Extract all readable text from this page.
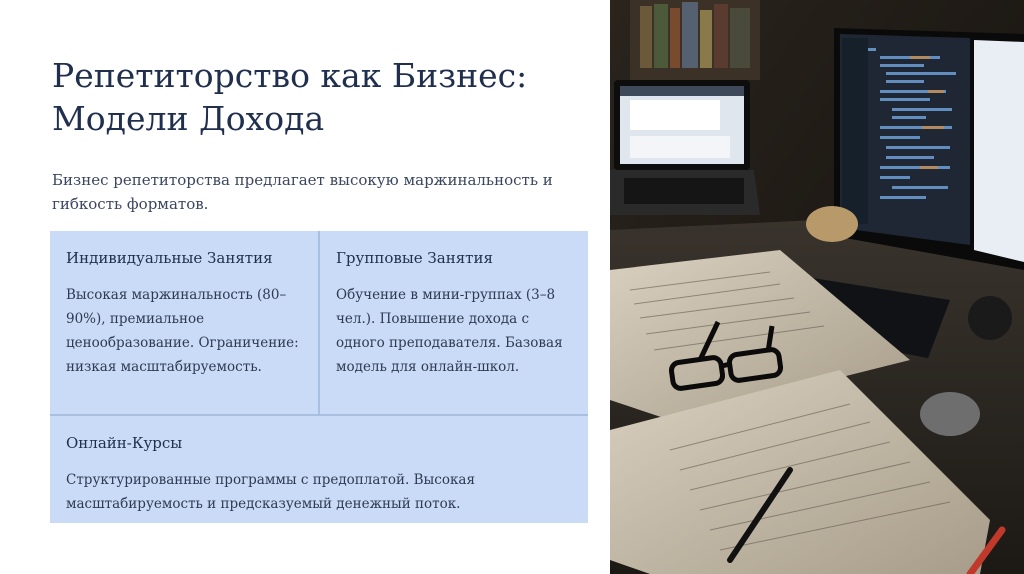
Репетиторство как Бизнес:
Модели Дохода
Бизнес репетиторства предлагает высокую маржинальность и гибкость форматов.
Индивидуальные Занятия

Высокая маржинальность (80–90%), премиальное ценообразование. Ограничение: низкая масштабируемость.

Групповые Занятия

Обучение в мини-группах (3–8 чел.). Повышение дохода с одного преподавателя. Базовая модель для онлайн-школ.

Онлайн-Курсы

Структурированные программы с предоплатой. Высокая масштабируемость и предсказуемый денежный поток.
